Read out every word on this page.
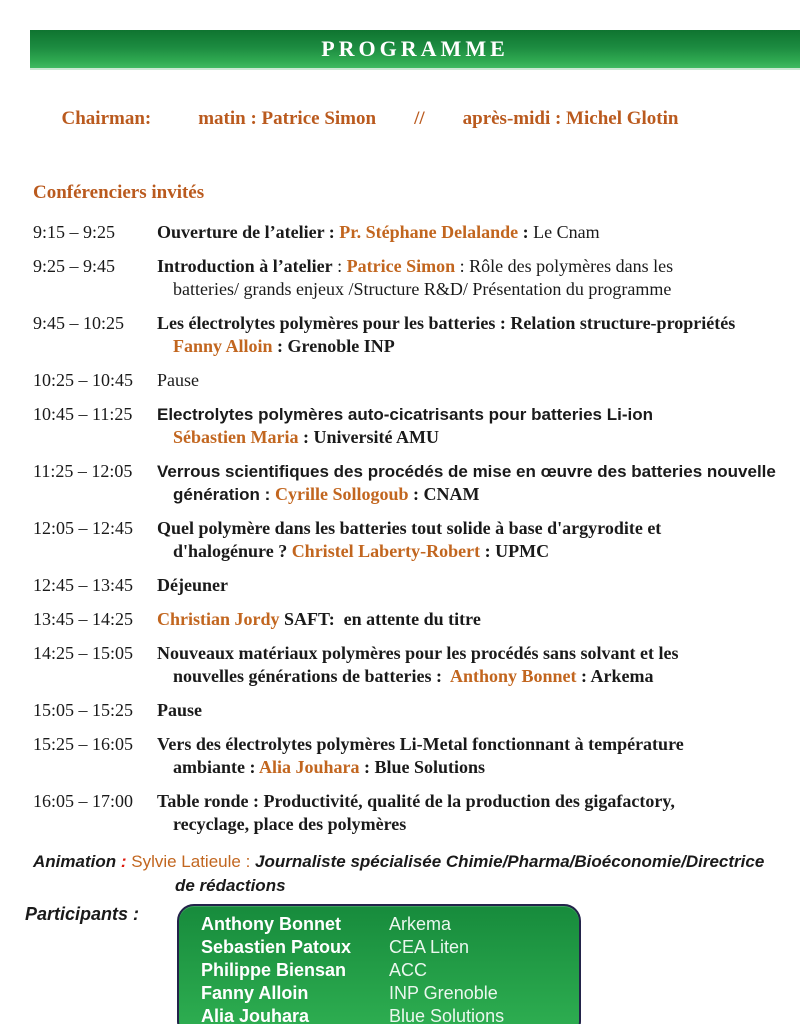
PROGRAMME

Chairman: matin : Patrice Simon // après-midi : Michel Glotin

Conférenciers invités
9:15 – 9:25	Ouverture de l’atelier : Pr. Stéphane Delalande : Le Cnam
9:25 – 9:45	Introduction à l’atelier : Patrice Simon : Rôle des polymères dans les
batteries/ grands enjeux /Structure R&D/ Présentation du programme
9:45 – 10:25	Les électrolytes polymères pour les batteries : Relation structure-propriétés
Fanny Alloin : Grenoble INP
10:25 – 10:45	Pause
10:45 – 11:25	Electrolytes polymères auto-cicatrisants pour batteries Li-ion
Sébastien Maria : Université AMU
11:25 – 12:05	Verrous scientifiques des procédés de mise en œuvre des batteries nouvelle
génération : Cyrille Sollogoub : CNAM
12:05 – 12:45	Quel polymère dans les batteries tout solide à base d'argyrodite et
d'halogénure ? Christel Laberty-Robert : UPMC
12:45 – 13:45	Déjeuner
13:45 – 14:25	Christian Jordy SAFT:  en attente du titre
14:25 – 15:05	Nouveaux matériaux polymères pour les procédés sans solvant et les
nouvelles générations de batteries :  Anthony Bonnet : Arkema
15:05 – 15:25	Pause
15:25 – 16:05	Vers des électrolytes polymères Li-Metal fonctionnant à température
ambiante : Alia Jouhara : Blue Solutions
16:05 – 17:00	Table ronde : Productivité, qualité de la production des gigafactory,
recyclage, place des polymères
Animation : Sylvie Latieule : Journaliste spécialisée Chimie/Pharma/Bioéconomie/Directrice
de rédactions
Participants :	Anthony Bonnet	Arkema
Sebastien Patoux	CEA Liten
Philippe Biensan	ACC
Fanny Alloin	INP Grenoble
Alia Jouhara	Blue Solutions
